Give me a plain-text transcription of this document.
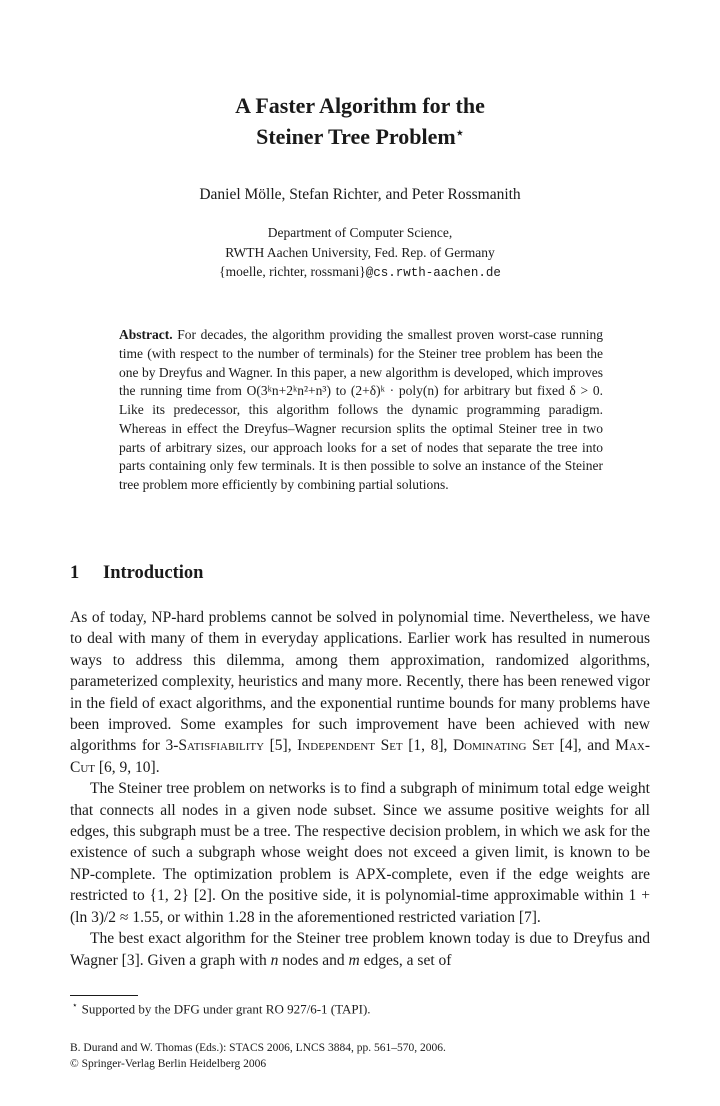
A Faster Algorithm for the
Steiner Tree Problem⋆
Daniel Mölle, Stefan Richter, and Peter Rossmanith
Department of Computer Science,
RWTH Aachen University, Fed. Rep. of Germany
{moelle, richter, rossmani}@cs.rwth-aachen.de
Abstract. For decades, the algorithm providing the smallest proven worst-case running time (with respect to the number of terminals) for the Steiner tree problem has been the one by Dreyfus and Wagner. In this paper, a new algorithm is developed, which improves the running time from O(3ᵏn+2ᵏn²+n³) to (2+δ)ᵏ · poly(n) for arbitrary but fixed δ > 0. Like its predecessor, this algorithm follows the dynamic programming paradigm. Whereas in effect the Dreyfus–Wagner recursion splits the optimal Steiner tree in two parts of arbitrary sizes, our approach looks for a set of nodes that separate the tree into parts containing only few terminals. It is then possible to solve an instance of the Steiner tree problem more efficiently by combining partial solutions.
1 Introduction

As of today, NP-hard problems cannot be solved in polynomial time. Nevertheless, we have to deal with many of them in everyday applications. Earlier work has resulted in numerous ways to address this dilemma, among them approximation, randomized algorithms, parameterized complexity, heuristics and many more. Recently, there has been renewed vigor in the field of exact algorithms, and the exponential runtime bounds for many problems have been improved. Some examples for such improvement have been achieved with new algorithms for 3-Satisfiability [5], Independent Set [1, 8], Dominating Set [4], and Max-Cut [6, 9, 10].

The Steiner tree problem on networks is to find a subgraph of minimum total edge weight that connects all nodes in a given node subset. Since we assume positive weights for all edges, this subgraph must be a tree. The respective decision problem, in which we ask for the existence of such a subgraph whose weight does not exceed a given limit, is known to be NP-complete. The optimization problem is APX-complete, even if the edge weights are restricted to {1, 2} [2]. On the positive side, it is polynomial-time approximable within 1 + (ln 3)/2 ≈ 1.55, or within 1.28 in the aforementioned restricted variation [7].

The best exact algorithm for the Steiner tree problem known today is due to Dreyfus and Wagner [3]. Given a graph with n nodes and m edges, a set of

⋆ Supported by the DFG under grant RO 927/6-1 (TAPI).
B. Durand and W. Thomas (Eds.): STACS 2006, LNCS 3884, pp. 561–570, 2006.
© Springer-Verlag Berlin Heidelberg 2006
